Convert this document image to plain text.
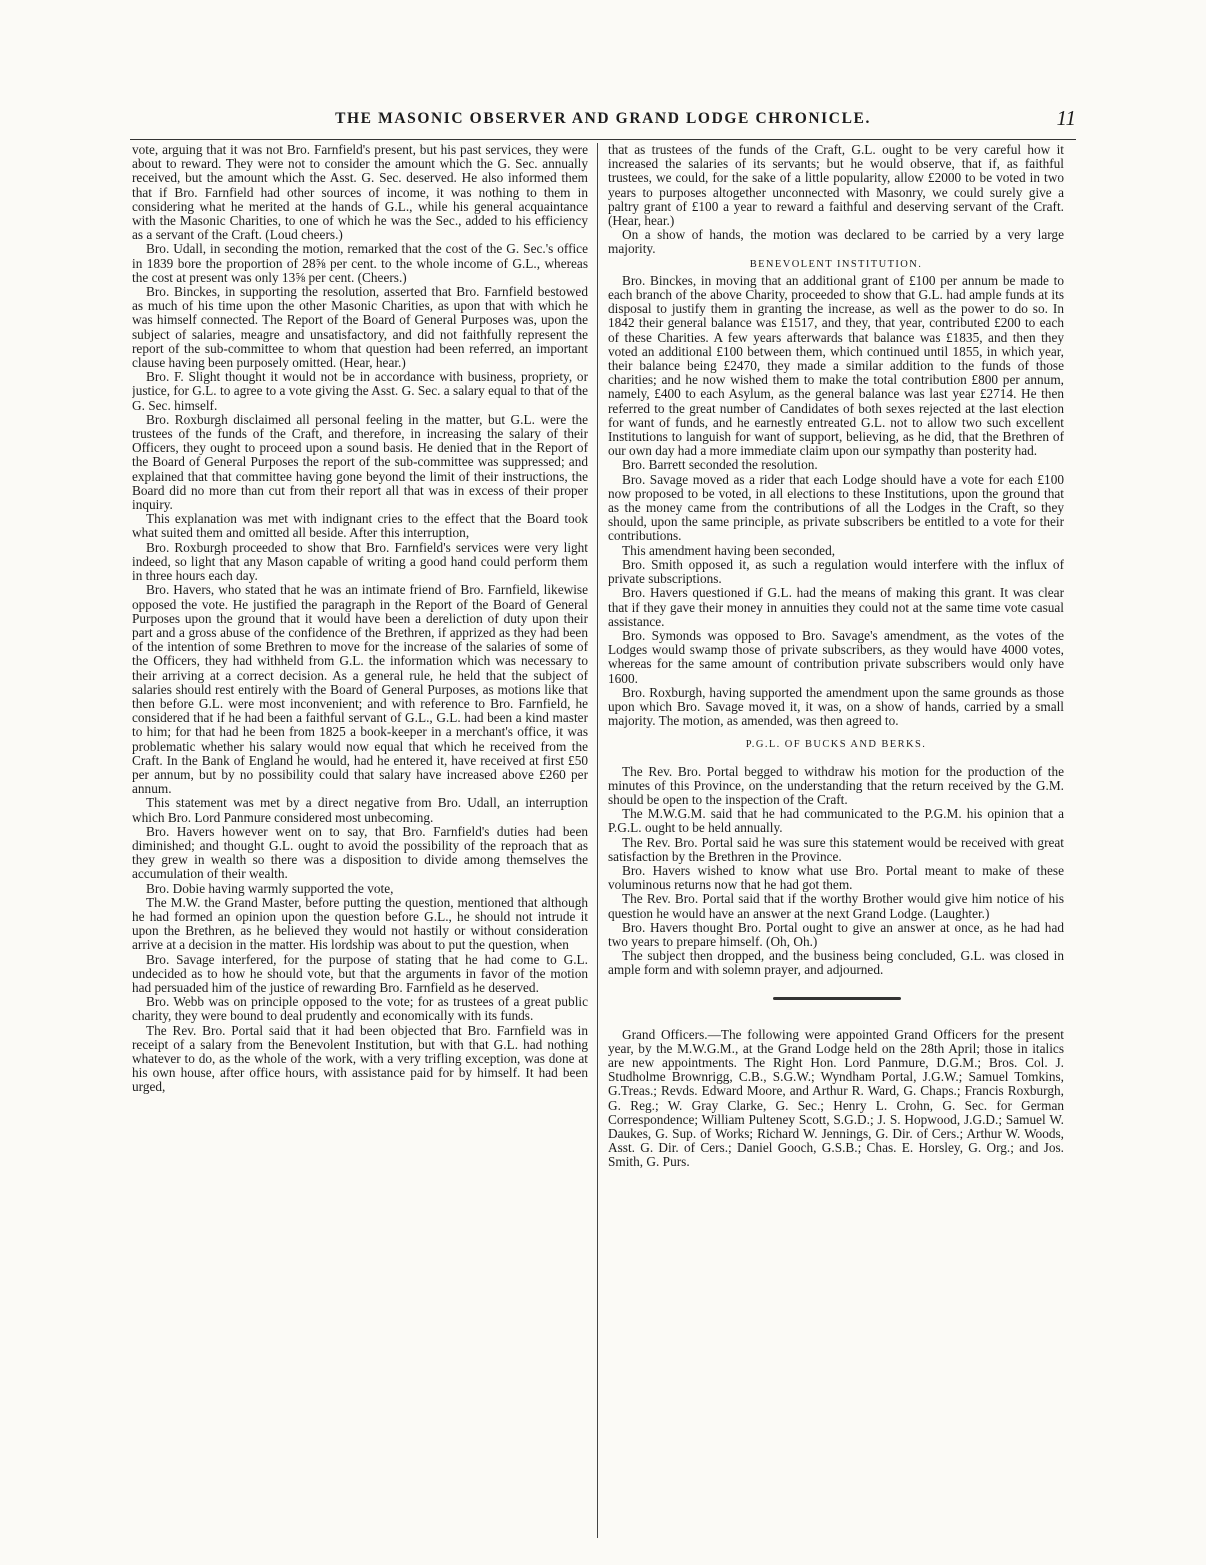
THE MASONIC OBSERVER AND GRAND LODGE CHRONICLE.	11

vote, arguing that it was not Bro. Farnfield's present, but his past services, they were about to reward. They were not to consider the amount which the G. Sec. annually received, but the amount which the Asst. G. Sec. deserved. He also informed them that if Bro. Farnfield had other sources of income, it was nothing to them in considering what he merited at the hands of G.L., while his general acquaintance with the Masonic Charities, to one of which he was the Sec., added to his efficiency as a servant of the Craft. (Loud cheers.)

Bro. Udall, in seconding the motion, remarked that the cost of the G. Sec.'s office in 1839 bore the proportion of 28⅝ per cent. to the whole income of G.L., whereas the cost at present was only 13⅝ per cent. (Cheers.)

Bro. Binckes, in supporting the resolution, asserted that Bro. Farnfield bestowed as much of his time upon the other Masonic Charities, as upon that with which he was himself connected. The Report of the Board of General Purposes was, upon the subject of salaries, meagre and unsatisfactory, and did not faithfully represent the report of the sub-committee to whom that question had been referred, an important clause having been purposely omitted. (Hear, hear.)

Bro. F. Slight thought it would not be in accordance with business, propriety, or justice, for G.L. to agree to a vote giving the Asst. G. Sec. a salary equal to that of the G. Sec. himself.

Bro. Roxburgh disclaimed all personal feeling in the matter, but G.L. were the trustees of the funds of the Craft, and therefore, in increasing the salary of their Officers, they ought to proceed upon a sound basis. He denied that in the Report of the Board of General Purposes the report of the sub-committee was suppressed; and explained that that committee having gone beyond the limit of their instructions, the Board did no more than cut from their report all that was in excess of their proper inquiry.

This explanation was met with indignant cries to the effect that the Board took what suited them and omitted all beside. After this interruption,

Bro. Roxburgh proceeded to show that Bro. Farnfield's services were very light indeed, so light that any Mason capable of writing a good hand could perform them in three hours each day.

Bro. Havers, who stated that he was an intimate friend of Bro. Farnfield, likewise opposed the vote. He justified the paragraph in the Report of the Board of General Purposes upon the ground that it would have been a dereliction of duty upon their part and a gross abuse of the confidence of the Brethren, if apprized as they had been of the intention of some Brethren to move for the increase of the salaries of some of the Officers, they had withheld from G.L. the information which was necessary to their arriving at a correct decision. As a general rule, he held that the subject of salaries should rest entirely with the Board of General Purposes, as motions like that then before G.L. were most inconvenient; and with reference to Bro. Farnfield, he considered that if he had been a faithful servant of G.L., G.L. had been a kind master to him; for that had he been from 1825 a book-keeper in a merchant's office, it was problematic whether his salary would now equal that which he received from the Craft. In the Bank of England he would, had he entered it, have received at first £50 per annum, but by no possibility could that salary have increased above £260 per annum.

This statement was met by a direct negative from Bro. Udall, an interruption which Bro. Lord Panmure considered most unbecoming.

Bro. Havers however went on to say, that Bro. Farnfield's duties had been diminished; and thought G.L. ought to avoid the possibility of the reproach that as they grew in wealth so there was a disposition to divide among themselves the accumulation of their wealth.

Bro. Dobie having warmly supported the vote,

The M.W. the Grand Master, before putting the question, mentioned that although he had formed an opinion upon the question before G.L., he should not intrude it upon the Brethren, as he believed they would not hastily or without consideration arrive at a decision in the matter. His lordship was about to put the question, when

Bro. Savage interfered, for the purpose of stating that he had come to G.L. undecided as to how he should vote, but that the arguments in favor of the motion had persuaded him of the justice of rewarding Bro. Farnfield as he deserved.

Bro. Webb was on principle opposed to the vote; for as trustees of a great public charity, they were bound to deal prudently and economically with its funds.

The Rev. Bro. Portal said that it had been objected that Bro. Farnfield was in receipt of a salary from the Benevolent Institution, but with that G.L. had nothing whatever to do, as the whole of the work, with a very trifling exception, was done at his own house, after office hours, with assistance paid for by himself. It had been urged,

that as trustees of the funds of the Craft, G.L. ought to be very careful how it increased the salaries of its servants; but he would observe, that if, as faithful trustees, we could, for the sake of a little popularity, allow £2000 to be voted in two years to purposes altogether unconnected with Masonry, we could surely give a paltry grant of £100 a year to reward a faithful and deserving servant of the Craft. (Hear, hear.)

On a show of hands, the motion was declared to be carried by a very large majority.

BENEVOLENT INSTITUTION.

Bro. Binckes, in moving that an additional grant of £100 per annum be made to each branch of the above Charity, proceeded to show that G.L. had ample funds at its disposal to justify them in granting the increase, as well as the power to do so. In 1842 their general balance was £1517, and they, that year, contributed £200 to each of these Charities. A few years afterwards that balance was £1835, and then they voted an additional £100 between them, which continued until 1855, in which year, their balance being £2470, they made a similar addition to the funds of those charities; and he now wished them to make the total contribution £800 per annum, namely, £400 to each Asylum, as the general balance was last year £2714. He then referred to the great number of Candidates of both sexes rejected at the last election for want of funds, and he earnestly entreated G.L. not to allow two such excellent Institutions to languish for want of support, believing, as he did, that the Brethren of our own day had a more immediate claim upon our sympathy than posterity had.

Bro. Barrett seconded the resolution.

Bro. Savage moved as a rider that each Lodge should have a vote for each £100 now proposed to be voted, in all elections to these Institutions, upon the ground that as the money came from the contributions of all the Lodges in the Craft, so they should, upon the same principle, as private subscribers be entitled to a vote for their contributions.

This amendment having been seconded,

Bro. Smith opposed it, as such a regulation would interfere with the influx of private subscriptions.

Bro. Havers questioned if G.L. had the means of making this grant. It was clear that if they gave their money in annuities they could not at the same time vote casual assistance.

Bro. Symonds was opposed to Bro. Savage's amendment, as the votes of the Lodges would swamp those of private subscribers, as they would have 4000 votes, whereas for the same amount of contribution private subscribers would only have 1600.

Bro. Roxburgh, having supported the amendment upon the same grounds as those upon which Bro. Savage moved it, it was, on a show of hands, carried by a small majority. The motion, as amended, was then agreed to.

P.G.L. OF BUCKS AND BERKS.

The Rev. Bro. Portal begged to withdraw his motion for the production of the minutes of this Province, on the understanding that the return received by the G.M. should be open to the inspection of the Craft.

The M.W.G.M. said that he had communicated to the P.G.M. his opinion that a P.G.L. ought to be held annually.

The Rev. Bro. Portal said he was sure this statement would be received with great satisfaction by the Brethren in the Province.

Bro. Havers wished to know what use Bro. Portal meant to make of these voluminous returns now that he had got them.

The Rev. Bro. Portal said that if the worthy Brother would give him notice of his question he would have an answer at the next Grand Lodge. (Laughter.)

Bro. Havers thought Bro. Portal ought to give an answer at once, as he had had two years to prepare himself. (Oh, Oh.)

The subject then dropped, and the business being concluded, G.L. was closed in ample form and with solemn prayer, and adjourned.

Grand Officers.—The following were appointed Grand Officers for the present year, by the M.W.G.M., at the Grand Lodge held on the 28th April; those in italics are new appointments. The Right Hon. Lord Panmure, D.G.M.; Bros. Col. J. Studholme Brownrigg, C.B., S.G.W.; Wyndham Portal, J.G.W.; Samuel Tomkins, G.Treas.; Revds. Edward Moore, and Arthur R. Ward, G. Chaps.; Francis Roxburgh, G. Reg.; W. Gray Clarke, G. Sec.; Henry L. Crohn, G. Sec. for German Correspondence; William Pulteney Scott, S.G.D.; J. S. Hopwood, J.G.D.; Samuel W. Daukes, G. Sup. of Works; Richard W. Jennings, G. Dir. of Cers.; Arthur W. Woods, Asst. G. Dir. of Cers.; Daniel Gooch, G.S.B.; Chas. E. Horsley, G. Org.; and Jos. Smith, G. Purs.
